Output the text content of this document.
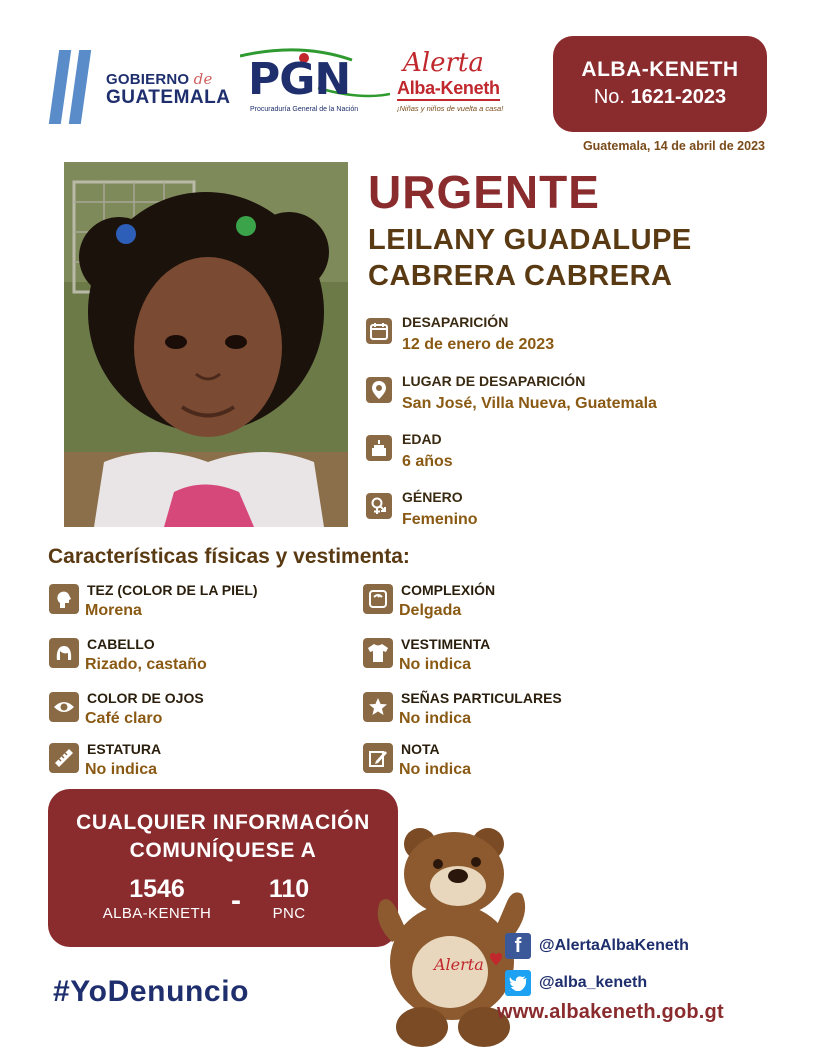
GOBIERNO de
GUATEMALA PGN
Procuraduría General de la Nación
Alerta
Alba-Keneth
¡Niñas y niños de vuelta a casa!
ALBA-KENETH
No. 1621-2023
Guatemala, 14 de abril de 2023
URGENTE
LEILANY GUADALUPE
CABRERA CABRERA
DESAPARICIÓN
12 de enero de 2023
LUGAR DE DESAPARICIÓN
San José, Villa Nueva, Guatemala
EDAD
6 años
GÉNERO
Femenino
Características físicas y vestimenta:
TEZ (COLOR DE LA PIEL)
Morena
CABELLO
Rizado, castaño
COLOR DE OJOS
Café claro
ESTATURA
No indica
COMPLEXIÓN
Delgada
VESTIMENTA
No indica
SEÑAS PARTICULARES
No indica
NOTA
No indica
CUALQUIER INFORMACIÓN
COMUNÍQUESE A
1546
ALBA-KENETH -	110
PNC
#YoDenuncio
Alerta
f	@AlertaAlbaKeneth
@alba_keneth
www.albakeneth.gob.gt
